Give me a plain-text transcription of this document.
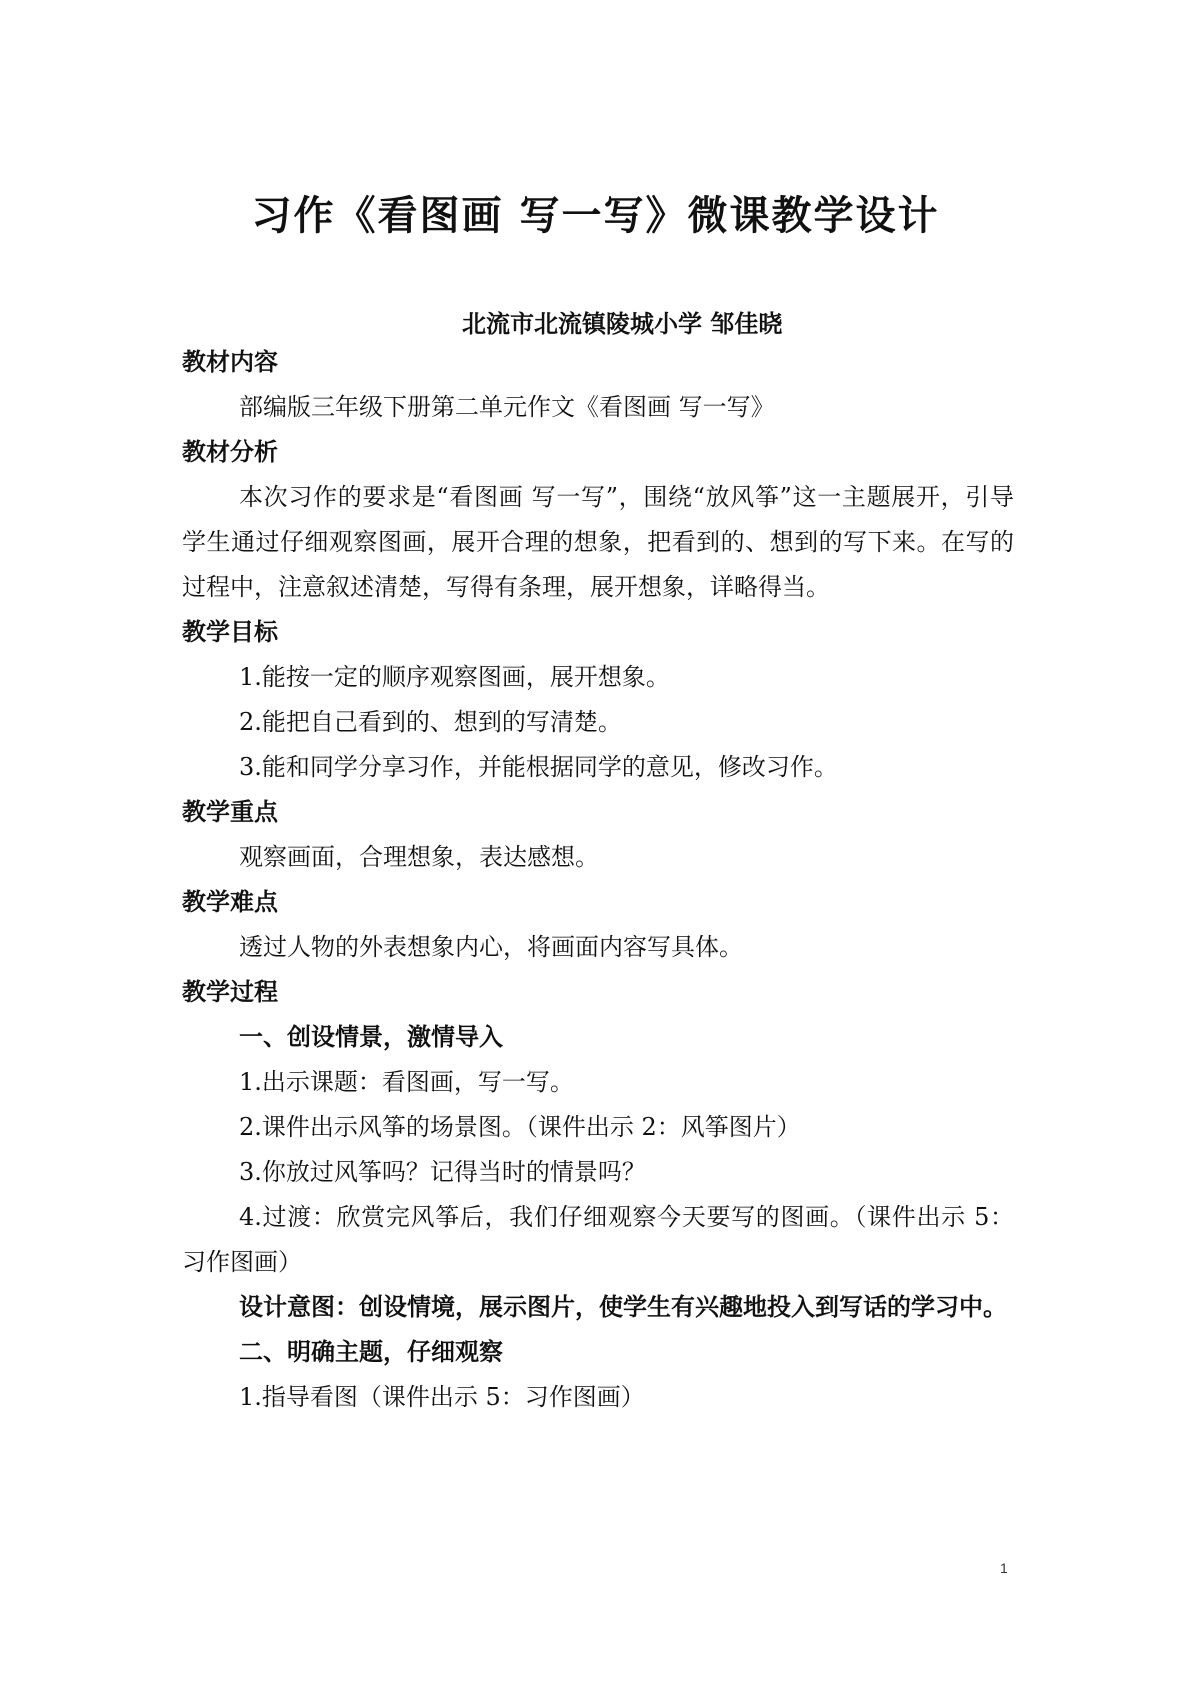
习作《看图画 写一写》微课教学设计
北流市北流镇陵城小学 邹佳晓
教材内容
部编版三年级下册第二单元作文《看图画 写一写》
教材分析
本次习作的要求是“看图画 写一写”，围绕“放风筝”这一主题展开，引导学生通过仔细观察图画，展开合理的想象，把看到的、想到的写下来。在写的过程中，注意叙述清楚，写得有条理，展开想象，详略得当。
教学目标
1.能按一定的顺序观察图画，展开想象。
2.能把自己看到的、想到的写清楚。
3.能和同学分享习作，并能根据同学的意见，修改习作。
教学重点
观察画面，合理想象，表达感想。
教学难点
透过人物的外表想象内心，将画面内容写具体。
教学过程
一、创设情景，激情导入
1.出示课题：看图画，写一写。
2.课件出示风筝的场景图。（课件出示 2：风筝图片）
3.你放过风筝吗？记得当时的情景吗？
4.过渡：欣赏完风筝后，我们仔细观察今天要写的图画。（课件出示 5：习作图画）
设计意图：创设情境，展示图片，使学生有兴趣地投入到写话的学习中。
二、明确主题，仔细观察
1.指导看图（课件出示 5：习作图画）
1
